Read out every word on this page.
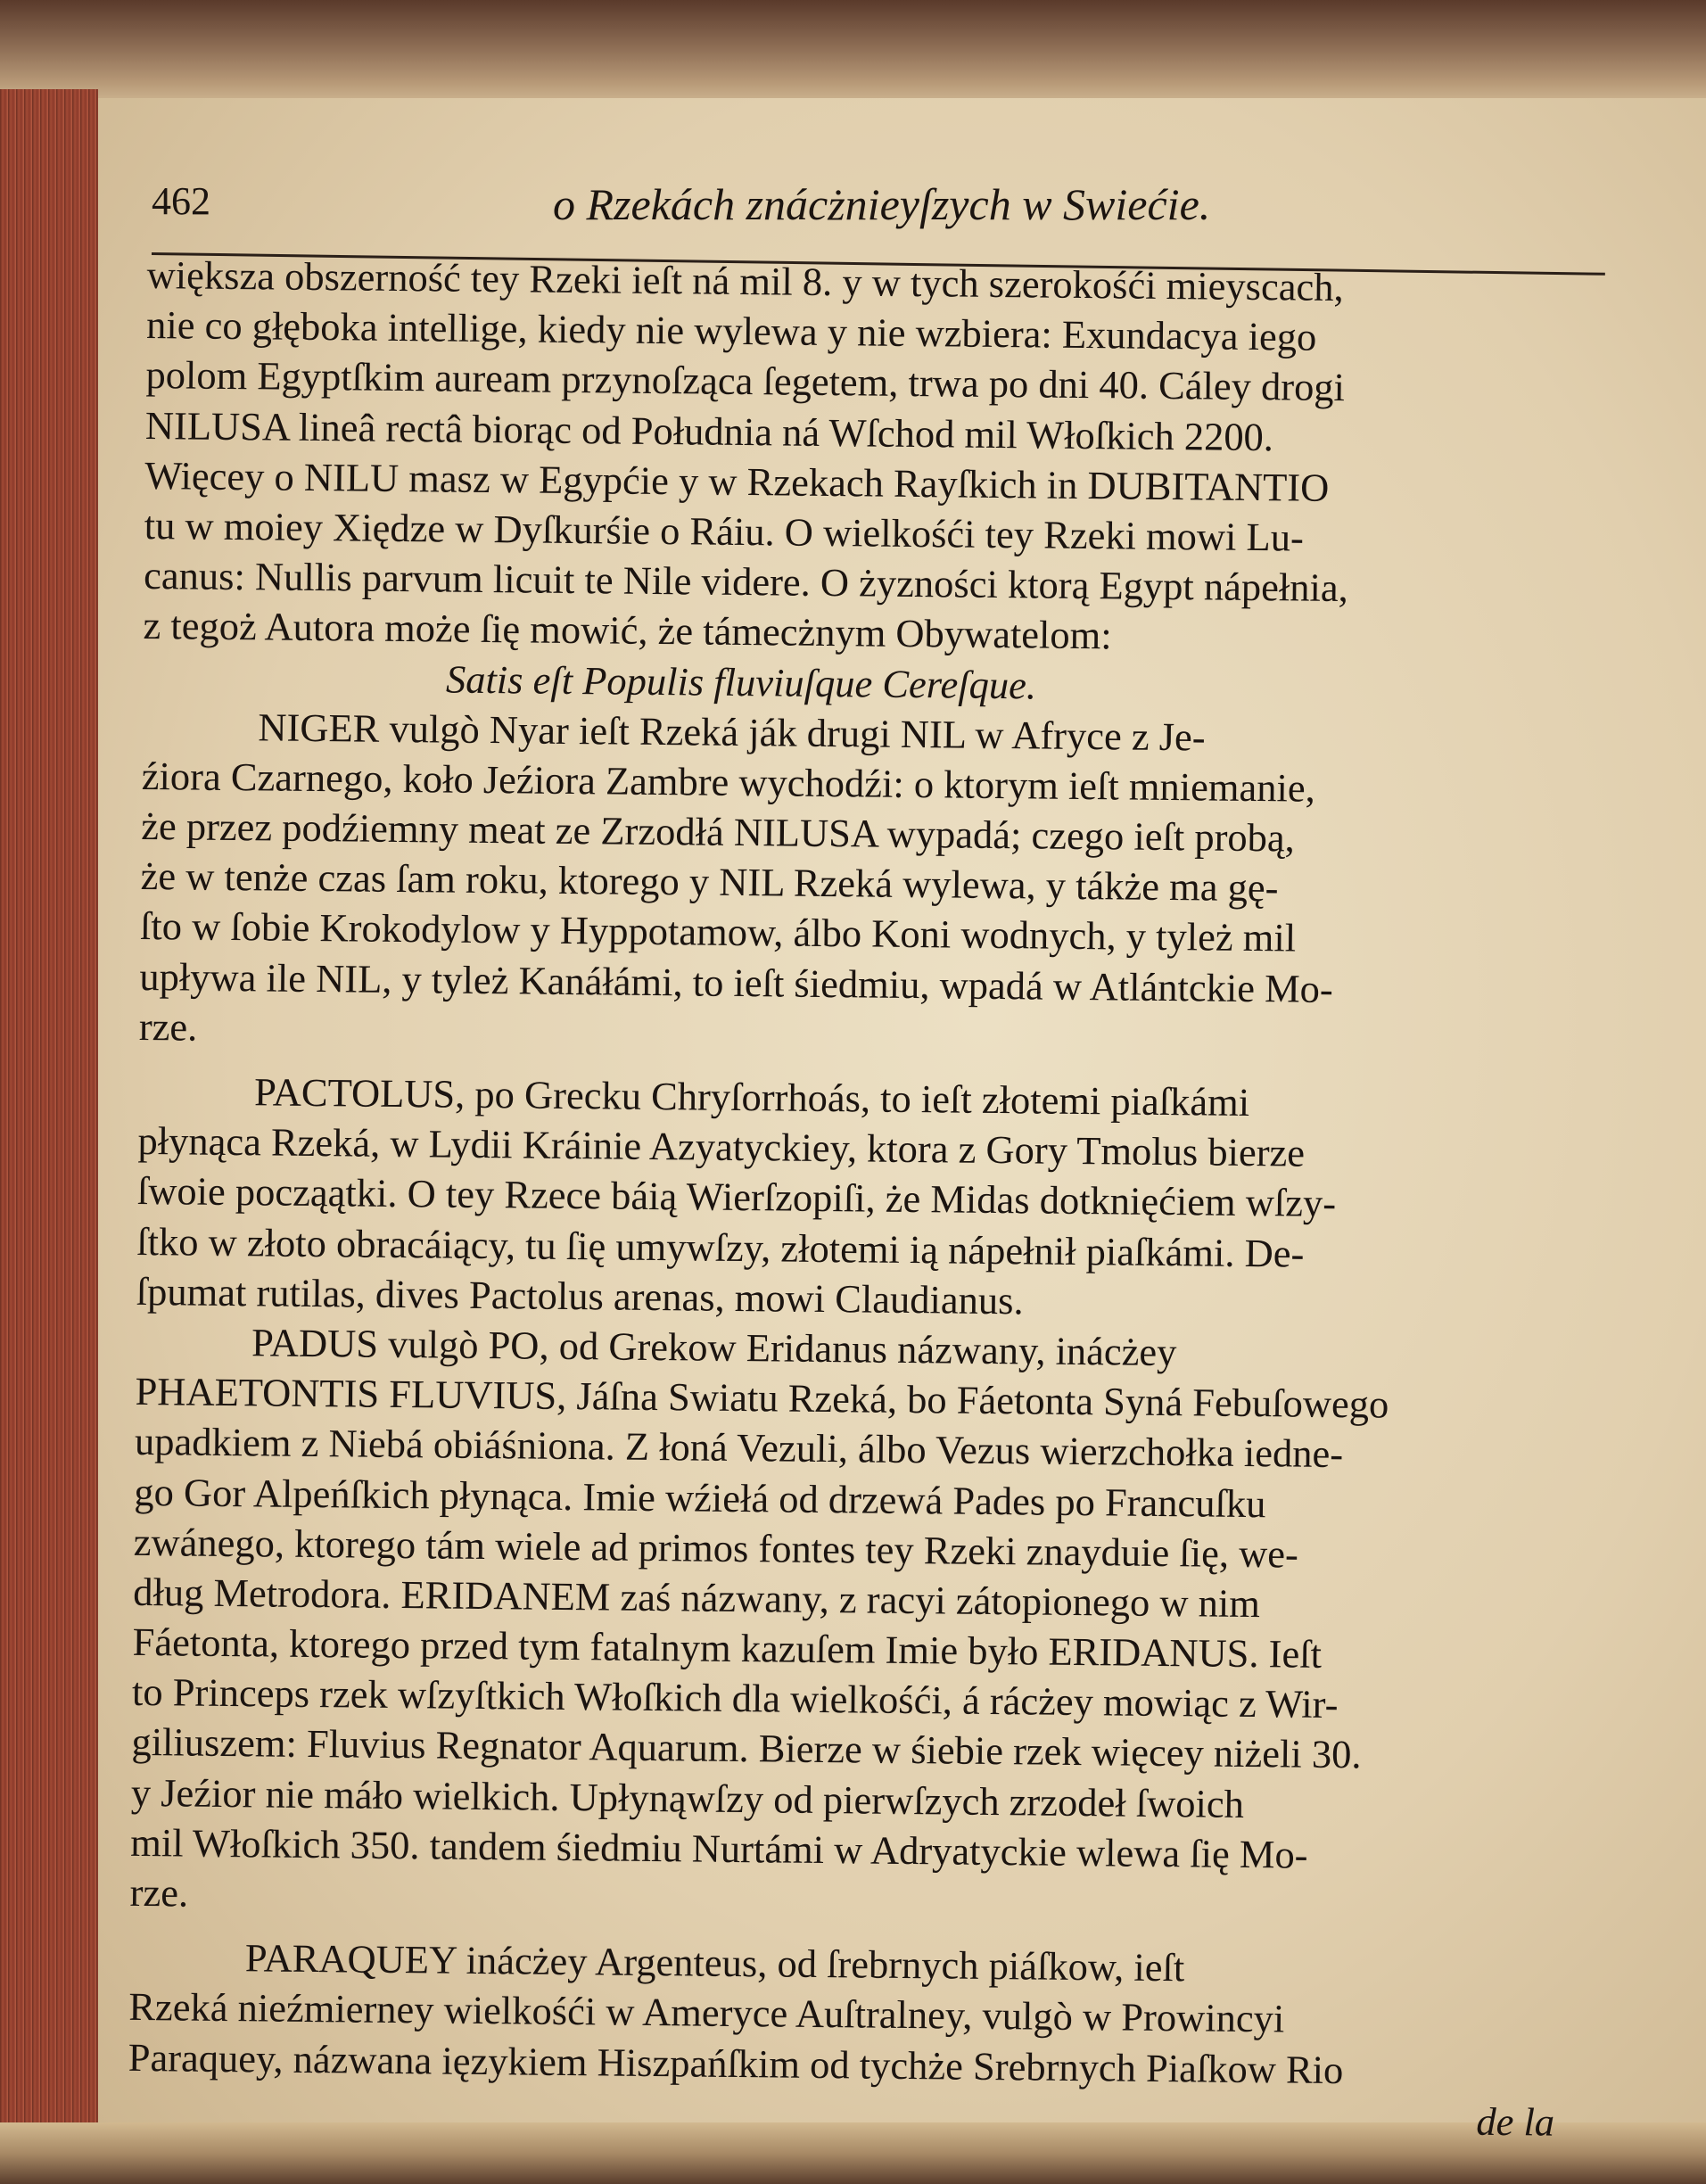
462	o Rzekách znácżnieyſzych w Swiećie.
większa obszerność tey Rzeki ieſt ná mil 8. y w tych szerokośći mieyscach,
nie co głęboka intellige, kiedy nie wylewa y nie wzbiera: Exundacya iego
polom Egyptſkim auream przynoſząca ſegetem, trwa po dni 40. Cáley drogi
NILUSA lineâ rectâ biorąc od Południa ná Wſchod mil Włoſkich 2200.
Więcey o NILU masz w Egypćie y w Rzekach Rayſkich in DUBITANTIO
tu w moiey Xiędze w Dyſkurśie o Ráiu. O wielkośći tey Rzeki mowi Lu-
canus: Nullis parvum licuit te Nile videre. O żyzności ktorą Egypt nápełnia,
z tegoż Autora może ſię mowić, że támecżnym Obywatelom:
Satis eſt Populis fluviuſque Cereſque.
NIGER vulgò Nyar ieſt Rzeká ják drugi NIL w Afryce z Je-
źiora Czarnego, koło Jeźiora Zambre wychodźi: o ktorym ieſt mniemanie,
że przez podźiemny meat ze Zrzodłá NILUSA wypadá; czego ieſt probą,
że w tenże czas ſam roku, ktorego y NIL Rzeká wylewa, y tákże ma gę-
ſto w ſobie Krokodylow y Hyppotamow, álbo Koni wodnych, y tyleż mil
upływa ile NIL, y tyleż Kanáłámi, to ieſt śiedmiu, wpadá w Atlántckie Mo-
rze.
PACTOLUS, po Grecku Chryſorrhoás, to ieſt złotemi piaſkámi
płynąca Rzeká, w Lydii Kráinie Azyatyckiey, ktora z Gory Tmolus bierze
ſwoie począątki. O tey Rzece báią Wierſzopiſi, że Midas dotknięćiem wſzy-
ſtko w złoto obracáiący, tu ſię umywſzy, złotemi ią nápełnił piaſkámi. De-
ſpumat rutilas, dives Pactolus arenas, mowi Claudianus.
PADUS vulgò PO, od Grekow Eridanus názwany, inácżey
PHAETONTIS FLUVIUS, Jáſna Swiatu Rzeká, bo Fáetonta Syná Febuſowego
upadkiem z Niebá obiáśniona. Z łoná Vezuli, álbo Vezus wierzchołka iedne-
go Gor Alpeńſkich płynąca. Imie wźiełá od drzewá Pades po Francuſku
zwánego, ktorego tám wiele ad primos fontes tey Rzeki znayduie ſię, we-
dług Metrodora. ERIDANEM zaś názwany, z racyi zátopionego w nim
Fáetonta, ktorego przed tym fatalnym kazuſem Imie było ERIDANUS. Ieſt
to Princeps rzek wſzyſtkich Włoſkich dla wielkośći, á rácżey mowiąc z Wir-
giliuszem: Fluvius Regnator Aquarum. Bierze w śiebie rzek więcey niżeli 30.
y Jeźior nie máło wielkich. Upłynąwſzy od pierwſzych zrzodeł ſwoich
mil Włoſkich 350. tandem śiedmiu Nurtámi w Adryatyckie wlewa ſię Mo-
rze.
PARAQUEY inácżey Argenteus, od ſrebrnych piáſkow, ieſt
Rzeká nieźmierney wielkośći w Ameryce Auſtralney, vulgò w Prowincyi
Paraquey, názwana ięzykiem Hiszpańſkim od tychże Srebrnych Piaſkow Rio
de la
